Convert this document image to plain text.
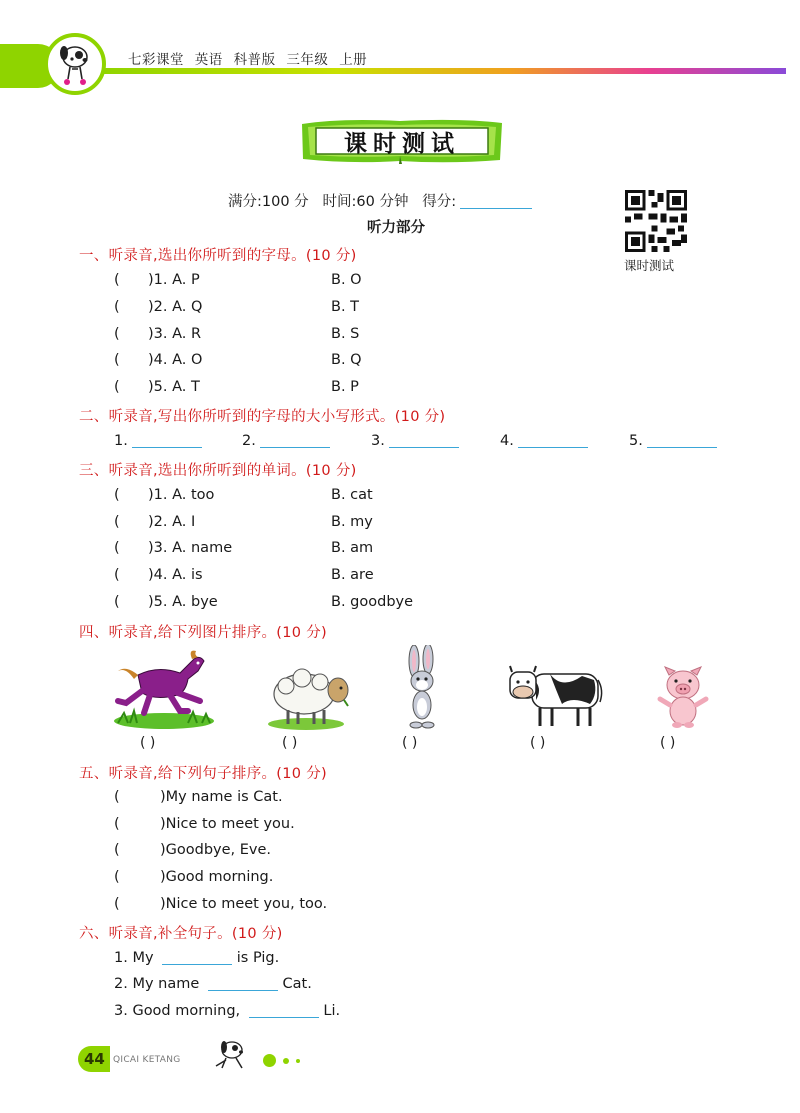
七彩课堂 英语 科普版 三年级 上册
课时测试
满分:100 分 时间:60 分钟 得分:
听力部分
课时测试
一、听录音,选出你所听到的字母。(10 分)
( )1. A. P	B. O
( )2. A. Q	B. T
( )3. A. R	B. S
( )4. A. O	B. Q
( )5. A. T	B. P
二、听录音,写出你所听到的字母的大小写形式。(10 分)
1.	2.	3.	4.	5.
三、听录音,选出你所听到的单词。(10 分)
( )1. A. too	B. cat
( )2. A. I	B. my
( )3. A. name	B. am
( )4. A. is	B. are
( )5. A. bye	B. goodbye
四、听录音,给下列图片排序。(10 分)
( )	( )	( )	( )	( )
五、听录音,给下列句子排序。(10 分)
(	)My name is Cat.
(	)Nice to meet you.
(	)Goodbye, Eve.
(	)Good morning.
(	)Nice to meet you, too.
六、听录音,补全句子。(10 分)
1. My	is Pig.
2. My name	Cat.
3. Good morning,	Li.
44 QICAI KETANG
